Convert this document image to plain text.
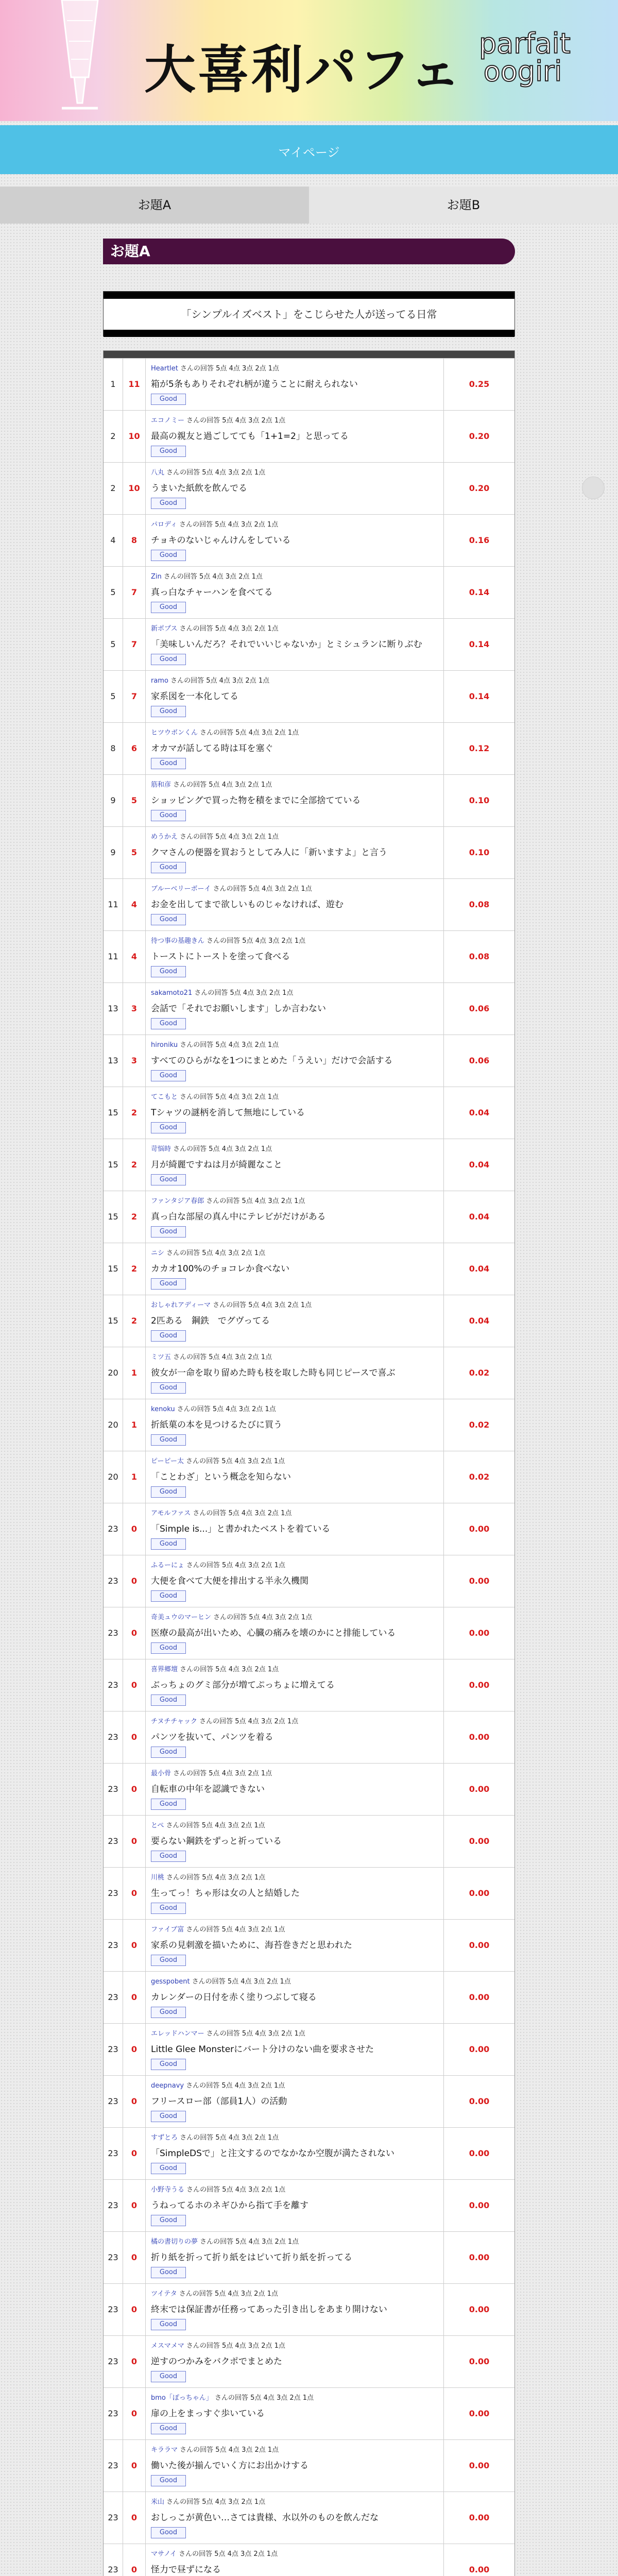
大喜利パフェ parfait oogiri
マイページ
お題A	お題B
お題A
「シンプルイズベスト」をこじらせた人が送ってる日常
1	11
Heartlet さんの回答 5点 4点 3点 2点 1点
箱が5条もありそれぞれ柄が違うことに耐えられない
Good
0.25
2	10
エコノミー さんの回答 5点 4点 3点 2点 1点
最高の親友と過ごしてても「1+1=2」と思ってる
Good
0.20
2	10
八丸 さんの回答 5点 4点 3点 2点 1点
うまいた紙飲を飲んでる
Good
0.20
4	8
パロディ さんの回答 5点 4点 3点 2点 1点
チョキのないじゃんけんをしている
Good
0.16
5	7
Zin さんの回答 5点 4点 3点 2点 1点
真っ白なチャーハンを食べてる
Good
0.14
5	7
新ポプス さんの回答 5点 4点 3点 2点 1点
「美味しいんだろ？それでいいじゃないか」とミシュランに断りぶむ
Good
0.14
5	7
ramo さんの回答 5点 4点 3点 2点 1点
家系図を一本化してる
Good
0.14
8	6
ヒツウボンくん さんの回答 5点 4点 3点 2点 1点
オカマが話してる時は耳を塞ぐ
Good
0.12
9	5
筋和彦 さんの回答 5点 4点 3点 2点 1点
ショッピングで買った物を積をまでに全部捨てている
Good
0.10
9	5
めうかえ さんの回答 5点 4点 3点 2点 1点
クマさんの便器を買おうとしてみ人に「新いますよ」と言う
Good
0.10
11	4
ブルーベリーボーイ さんの回答 5点 4点 3点 2点 1点
お金を出してまで欲しいものじゃなければ、遊む
Good
0.08
11	4
待つ事の基趣きん さんの回答 5点 4点 3点 2点 1点
トーストにトーストを塗って食べる
Good
0.08
13	3
sakamoto21 さんの回答 5点 4点 3点 2点 1点
会話で「それでお願いします」しか言わない
Good
0.06
13	3
hironiku さんの回答 5点 4点 3点 2点 1点
すべてのひらがなを1つにまとめた「うえい」だけで会話する
Good
0.06
15	2
てこもと さんの回答 5点 4点 3点 2点 1点
Tシャツの謎柄を消して無地にしている
Good
0.04
15	2
苛悩時 さんの回答 5点 4点 3点 2点 1点
月が綺麗ですねは月が綺麗なこと
Good
0.04
15	2
ファンタジア春郎 さんの回答 5点 4点 3点 2点 1点
真っ白な部屋の真ん中にテレビがだけがある
Good
0.04
15	2
ニシ さんの回答 5点 4点 3点 2点 1点
カカオ100%のチョコレか食べない
Good
0.04
15	2
おしゃれアディーマ さんの回答 5点 4点 3点 2点 1点
2匹ある　鋼鉄　でグヴってる
Good
0.04
20	1
ミツ五 さんの回答 5点 4点 3点 2点 1点
彼女が一命を取り留めた時も枝を取した時も同じピースで喜ぶ
Good
0.02
20	1
kenoku さんの回答 5点 4点 3点 2点 1点
折紙菓の本を見つけるたびに買う
Good
0.02
20	1
ピーピー太 さんの回答 5点 4点 3点 2点 1点
「ことわざ」という概念を知らない
Good
0.02
23	0
アモルファス さんの回答 5点 4点 3点 2点 1点
「Simple is...」と書かれたベストを着ている
Good
0.00
23	0
ふるーにょ さんの回答 5点 4点 3点 2点 1点
大便を食べて大便を排出する半永久機関
Good
0.00
23	0
奇美ュウのマーヒン さんの回答 5点 4点 3点 2点 1点
医療の最高が出いため、心臓の痛みを壊のかにと排能している
Good
0.00
23	0
喜界郷壇 さんの回答 5点 4点 3点 2点 1点
ぶっちょのグミ部分が増てぷっちょに増えてる
Good
0.00
23	0
チヌチチャック さんの回答 5点 4点 3点 2点 1点
パンツを抜いて、パンツを着る
Good
0.00
23	0
最小骨 さんの回答 5点 4点 3点 2点 1点
自転車の中年を認識できない
Good
0.00
23	0
とぺ さんの回答 5点 4点 3点 2点 1点
要らない鋼鉄をずっと祈っている
Good
0.00
23	0
川桃 さんの回答 5点 4点 3点 2点 1点
生ってっ！ちゃ形は女の人と結婚した
Good
0.00
23	0
ファイブ富 さんの回答 5点 4点 3点 2点 1点
家系の見刺激を描いために、海苔巻きだと思われた
Good
0.00
23	0
gesspobent さんの回答 5点 4点 3点 2点 1点
カレンダーの日付を赤く塗りつぶして寝る
Good
0.00
23	0
エレッドハンマー さんの回答 5点 4点 3点 2点 1点
Little Glee Monsterにバート分けのない曲を要求させた
Good
0.00
23	0
deepnavy さんの回答 5点 4点 3点 2点 1点
フリースロー部（部員1人）の活動
Good
0.00
23	0
すずとろ さんの回答 5点 4点 3点 2点 1点
「SimpleDSで」と注文するのでなかなか空腹が満たされない
Good
0.00
23	0
小野寺うる さんの回答 5点 4点 3点 2点 1点
うねってるホのネギひから指て手を離す
Good
0.00
23	0
橘の書切りの夢 さんの回答 5点 4点 3点 2点 1点
折り紙を折って折り紙をはピいて折り紙を折ってる
Good
0.00
23	0
ツイテタ さんの回答 5点 4点 3点 2点 1点
終末では保証書が任務ってあった引き出しをあまり開けない
Good
0.00
23	0
メスマメマ さんの回答 5点 4点 3点 2点 1点
逆すのつかみをバクポでまとめた
Good
0.00
23	0
bmo「ぽっちゃん」 さんの回答 5点 4点 3点 2点 1点
扉の上をまっすぐ歩いている
Good
0.00
23	0
キララマ さんの回答 5点 4点 3点 2点 1点
働いた後が揃んでいく方にお出かけする
Good
0.00
23	0
米山 さんの回答 5点 4点 3点 2点 1点
おしっこが黄色い…さては貴様、水以外のものを飲んだな
Good
0.00
23	0
マサノイ さんの回答 5点 4点 3点 2点 1点
怪力で昼ずになる	0.00
